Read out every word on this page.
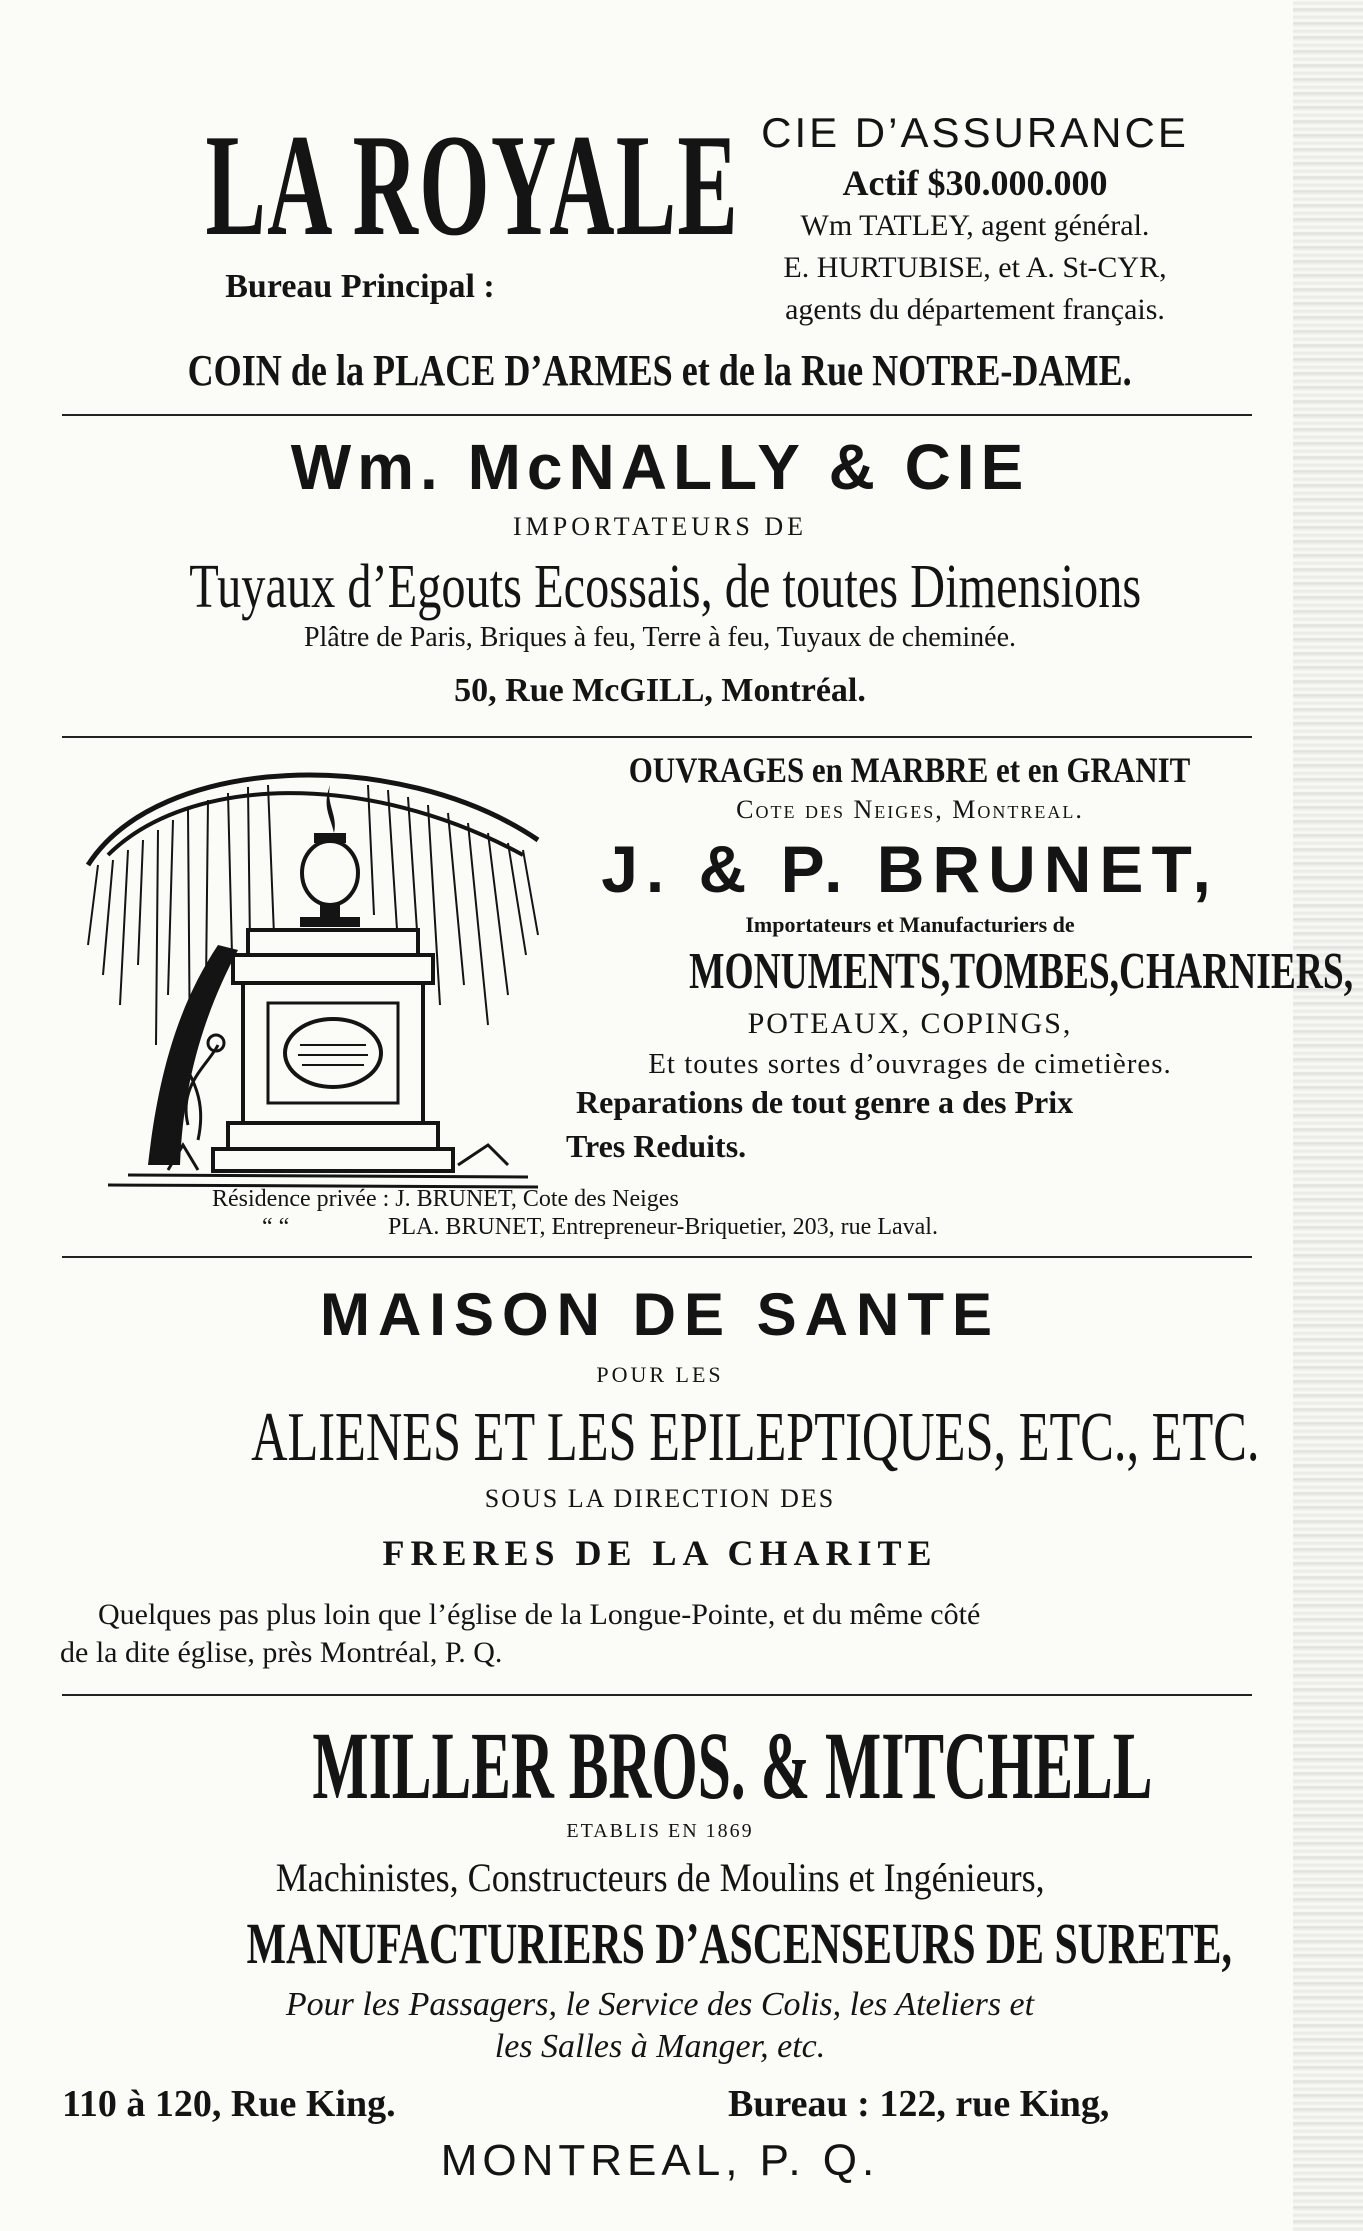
LA ROYALE
Bureau Principal :
CIE D’ASSURANCE
Actif $30.000.000
Wm TATLEY, agent général.
E. HURTUBISE, et A. St-CYR,
agents du département français.
COIN de la PLACE D’ARMES et de la Rue NOTRE-DAME.
Wm. McNALLY & CIE
IMPORTATEURS DE
Tuyaux d’Egouts Ecossais, de toutes Dimensions
Plâtre de Paris, Briques à feu, Terre à feu, Tuyaux de cheminée.
50, Rue McGILL, Montréal.
OUVRAGES en MARBRE et en GRANIT
Cote des Neiges, Montreal.
J. & P. BRUNET,
Importateurs et Manufacturiers de
MONUMENTS,TOMBES,CHARNIERS,
POTEAUX, COPINGS,
Et toutes sortes d’ouvrages de cimetières.
Reparations de tout genre a des Prix
Tres Reduits.
Résidence privée : J. BRUNET, Cote des Neiges
“ “	PLA. BRUNET, Entrepreneur-Briquetier, 203, rue Laval.
MAISON DE SANTE
POUR LES
ALIENES ET LES EPILEPTIQUES, ETC., ETC.
SOUS LA DIRECTION DES
FRERES DE LA CHARITE
Quelques pas plus loin que l’église de la Longue-Pointe, et du même côté
de la dite église, près Montréal, P. Q.
MILLER BROS. & MITCHELL
ETABLIS EN 1869
Machinistes, Constructeurs de Moulins et Ingénieurs,
MANUFACTURIERS D’ASCENSEURS DE SURETE,
Pour les Passagers, le Service des Colis, les Ateliers et
les Salles à Manger, etc.
110 à 120, Rue King.	Bureau : 122, rue King,
MONTREAL, P. Q.
